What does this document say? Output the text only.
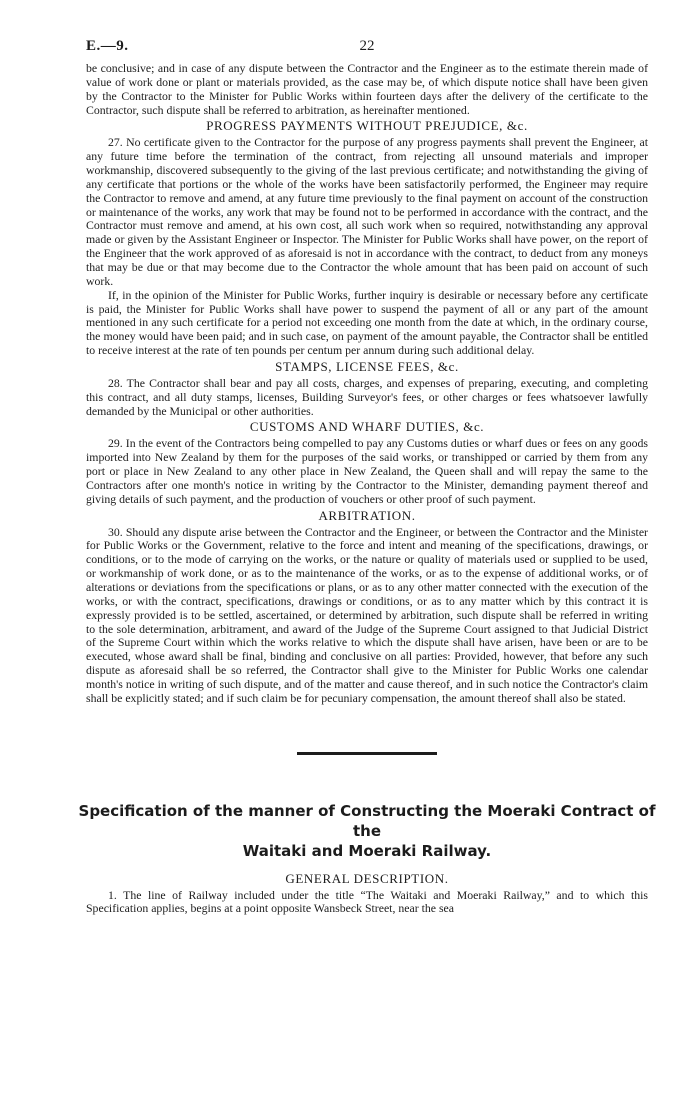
E.—9.	22

be conclusive; and in case of any dispute between the Contractor and the Engineer as to the estimate therein made of value of work done or plant or materials provided, as the case may be, of which dispute notice shall have been given by the Contractor to the Minister for Public Works within fourteen days after the delivery of the certificate to the Contractor, such dispute shall be referred to arbitration, as hereinafter mentioned.

PROGRESS PAYMENTS WITHOUT PREJUDICE, &c.

27. No certificate given to the Contractor for the purpose of any progress payments shall prevent the Engineer, at any future time before the termination of the contract, from rejecting all unsound materials and improper workmanship, discovered subsequently to the giving of the last previous certificate; and notwithstanding the giving of any certificate that portions or the whole of the works have been satisfactorily performed, the Engineer may require the Contractor to remove and amend, at any future time previously to the final payment on account of the construction or maintenance of the works, any work that may be found not to be performed in accordance with the contract, and the Contractor must remove and amend, at his own cost, all such work when so required, notwithstanding any approval made or given by the Assistant Engineer or Inspector. The Minister for Public Works shall have power, on the report of the Engineer that the work approved of as aforesaid is not in accordance with the contract, to deduct from any moneys that may be due or that may become due to the Contractor the whole amount that has been paid on account of such work.

If, in the opinion of the Minister for Public Works, further inquiry is desirable or necessary before any certificate is paid, the Minister for Public Works shall have power to suspend the payment of all or any part of the amount mentioned in any such certificate for a period not exceeding one month from the date at which, in the ordinary course, the money would have been paid; and in such case, on payment of the amount payable, the Contractor shall be entitled to receive interest at the rate of ten pounds per centum per annum during such additional delay.

STAMPS, LICENSE FEES, &c.

28. The Contractor shall bear and pay all costs, charges, and expenses of preparing, executing, and completing this contract, and all duty stamps, licenses, Building Surveyor's fees, or other charges or fees whatsoever lawfully demanded by the Municipal or other authorities.

CUSTOMS AND WHARF DUTIES, &c.

29. In the event of the Contractors being compelled to pay any Customs duties or wharf dues or fees on any goods imported into New Zealand by them for the purposes of the said works, or transhipped or carried by them from any port or place in New Zealand to any other place in New Zealand, the Queen shall and will repay the same to the Contractors after one month's notice in writing by the Contractor to the Minister, demanding payment thereof and giving details of such payment, and the production of vouchers or other proof of such payment.

ARBITRATION.

30. Should any dispute arise between the Contractor and the Engineer, or between the Contractor and the Minister for Public Works or the Government, relative to the force and intent and meaning of the specifications, drawings, or conditions, or to the mode of carrying on the works, or the nature or quality of materials used or supplied to be used, or workmanship of work done, or as to the maintenance of the works, or as to the expense of additional works, or of alterations or deviations from the specifications or plans, or as to any other matter connected with the execution of the works, or with the contract, specifications, drawings or conditions, or as to any matter which by this contract it is expressly provided is to be settled, ascertained, or determined by arbitration, such dispute shall be referred in writing to the sole determination, arbitrament, and award of the Judge of the Supreme Court assigned to that Judicial District of the Supreme Court within which the works relative to which the dispute shall have arisen, have been or are to be executed, whose award shall be final, binding and conclusive on all parties: Provided, however, that before any such dispute as aforesaid shall be so referred, the Contractor shall give to the Minister for Public Works one calendar month's notice in writing of such dispute, and of the matter and cause thereof, and in such notice the Contractor's claim shall be explicitly stated; and if such claim be for pecuniary compensation, the amount thereof shall also be stated.

Specification of the manner of Constructing the Moeraki Contract of the
Waitaki and Moeraki Railway.
GENERAL DESCRIPTION.

1. The line of Railway included under the title “The Waitaki and Moeraki Railway,” and to which this Specification applies, begins at a point opposite Wansbeck Street, near the sea
